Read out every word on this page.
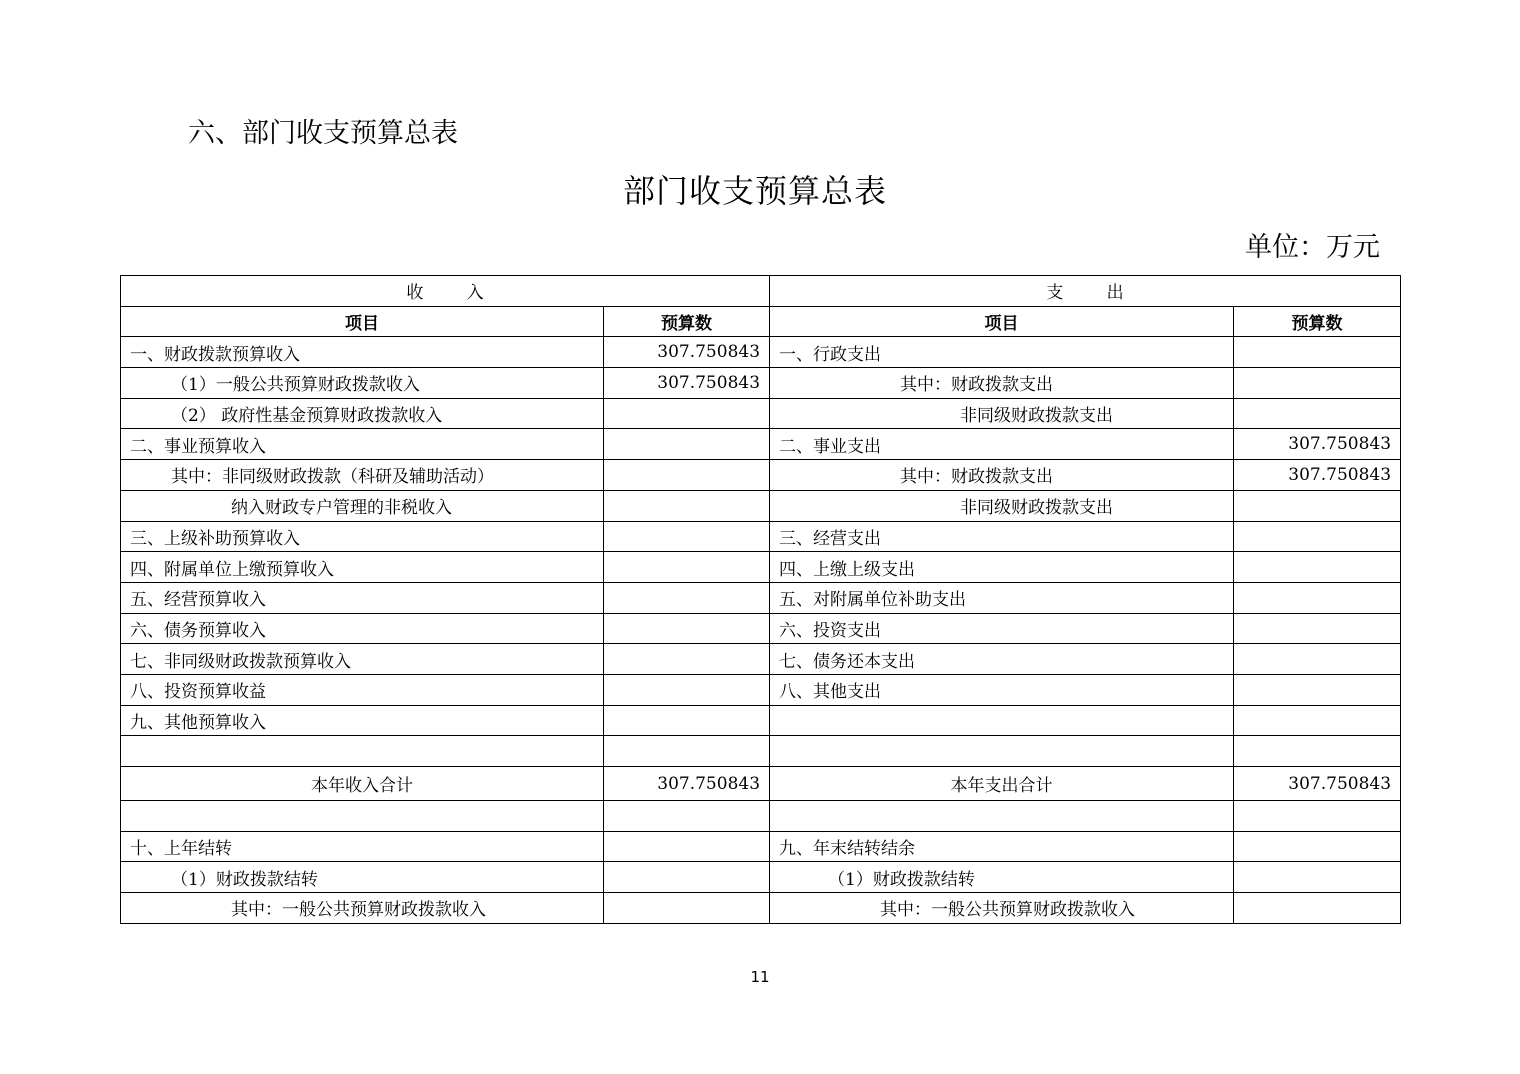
六、部门收支预算总表
部门收支预算总表
单位：万元
收        入		支        出	
项目	预算数	项目	预算数
一、财政拨款预算收入	307.750843	一、行政支出	
（1）一般公共预算财政拨款收入	307.750843	其中：财政拨款支出	
（2） 政府性基金预算财政拨款收入		非同级财政拨款支出	
二、事业预算收入		二、事业支出	307.750843
其中：非同级财政拨款（科研及辅助活动）		其中：财政拨款支出	307.750843
纳入财政专户管理的非税收入		非同级财政拨款支出	
三、上级补助预算收入		三、经营支出	
四、附属单位上缴预算收入		四、上缴上级支出	
五、经营预算收入		五、对附属单位补助支出	
六、债务预算收入		六、投资支出	
七、非同级财政拨款预算收入		七、债务还本支出	
八、投资预算收益		八、其他支出	
九、其他预算收入			

本年收入合计	307.750843	本年支出合计	307.750843

十、上年结转		九、年末结转结余	
（1）财政拨款结转		（1）财政拨款结转	
其中：一般公共预算财政拨款收入		其中：一般公共预算财政拨款收入	
11
